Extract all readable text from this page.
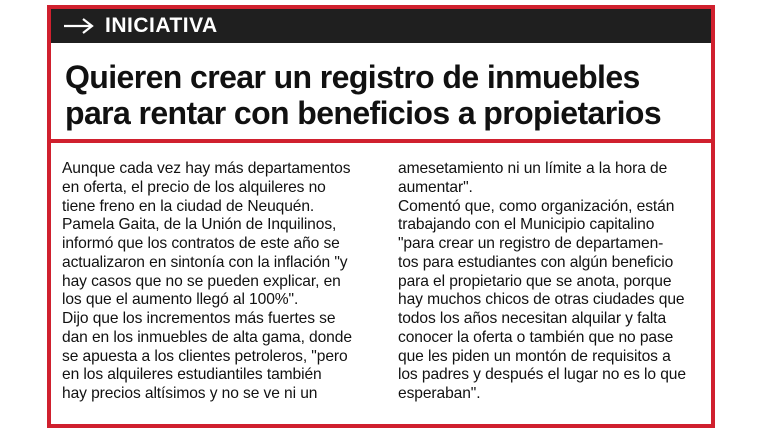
INICIATIVA
Quieren crear un registro de inmuebles
para rentar con beneficios a propietarios
Aunque cada vez hay más departamentos
en oferta, el precio de los alquileres no
tiene freno en la ciudad de Neuquén.
Pamela Gaita, de la Unión de Inquilinos,
informó que los contratos de este año se
actualizaron en sintonía con la inflación "y
hay casos que no se pueden explicar, en
los que el aumento llegó al 100%".
Dijo que los incrementos más fuertes se
dan en los inmuebles de alta gama, donde
se apuesta a los clientes petroleros, "pero
en los alquileres estudiantiles también
hay precios altísimos y no se ve ni un
amesetamiento ni un límite a la hora de
aumentar".
Comentó que, como organización, están
trabajando con el Municipio capitalino
"para crear un registro de departamen-
tos para estudiantes con algún beneficio
para el propietario que se anota, porque
hay muchos chicos de otras ciudades que
todos los años necesitan alquilar y falta
conocer la oferta o también que no pase
que les piden un montón de requisitos a
los padres y después el lugar no es lo que
esperaban".
